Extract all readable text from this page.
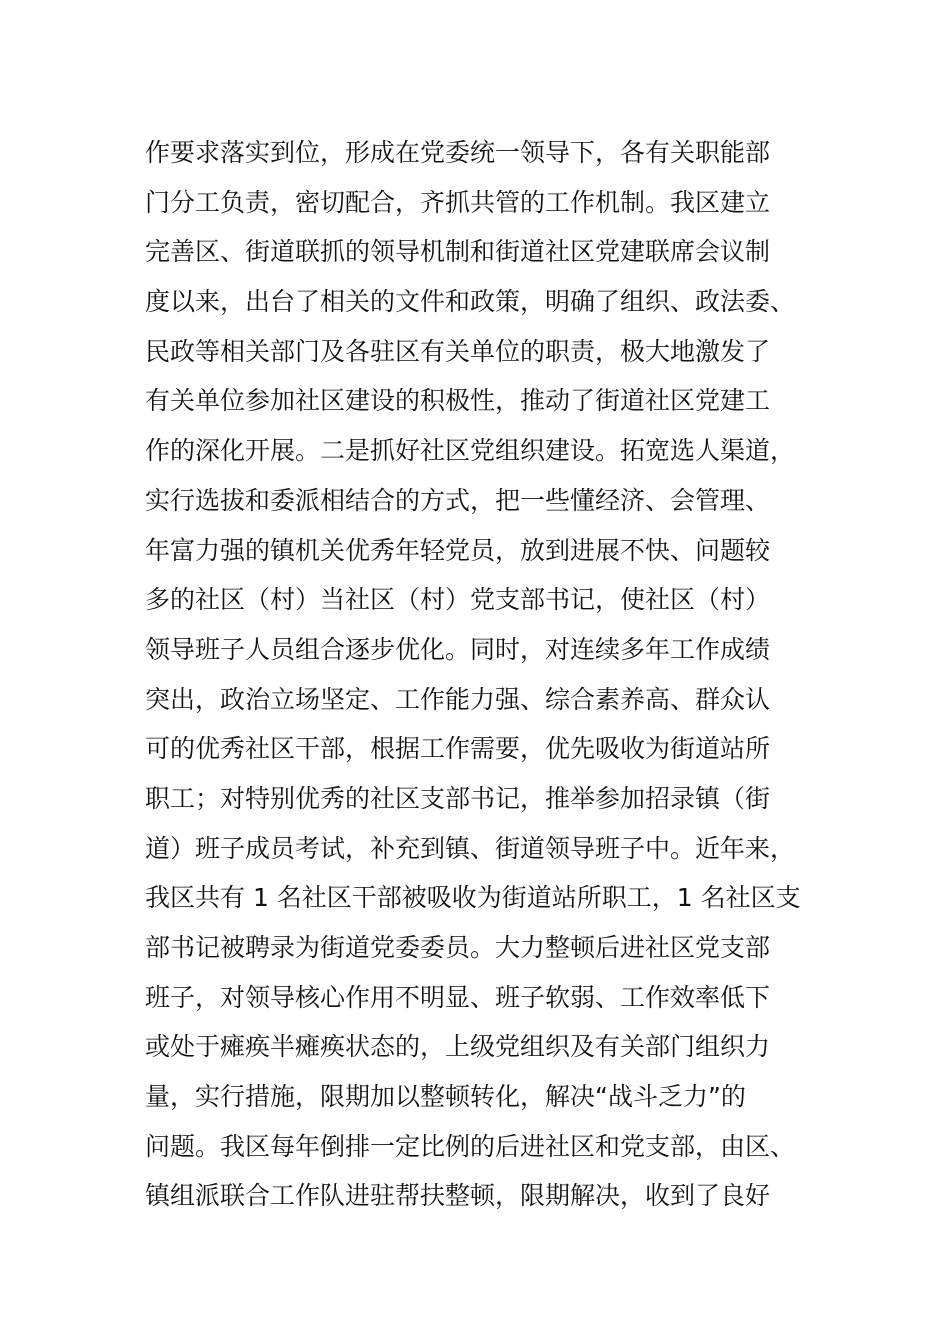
作要求落实到位，形成在党委统一领导下，各有关职能部
门分工负责，密切配合，齐抓共管的工作机制。我区建立
完善区、街道联抓的领导机制和街道社区党建联席会议制
度以来，出台了相关的文件和政策，明确了组织、政法委、
民政等相关部门及各驻区有关单位的职责，极大地激发了
有关单位参加社区建设的积极性，推动了街道社区党建工
作的深化开展。二是抓好社区党组织建设。拓宽选人渠道，
实行选拔和委派相结合的方式，把一些懂经济、会管理、
年富力强的镇机关优秀年轻党员，放到进展不快、问题较
多的社区（村）当社区（村）党支部书记，使社区（村）
领导班子人员组合逐步优化。同时，对连续多年工作成绩
突出，政治立场坚定、工作能力强、综合素养高、群众认
可的优秀社区干部，根据工作需要，优先吸收为街道站所
职工；对特别优秀的社区支部书记，推举参加招录镇（街
道）班子成员考试，补充到镇、街道领导班子中。近年来，
我区共有 1 名社区干部被吸收为街道站所职工，1 名社区支
部书记被聘录为街道党委委员。大力整顿后进社区党支部
班子，对领导核心作用不明显、班子软弱、工作效率低下
或处于瘫痪半瘫痪状态的，上级党组织及有关部门组织力
量，实行措施，限期加以整顿转化，解决“战斗乏力”的
问题。我区每年倒排一定比例的后进社区和党支部，由区、
镇组派联合工作队进驻帮扶整顿，限期解决，收到了良好
